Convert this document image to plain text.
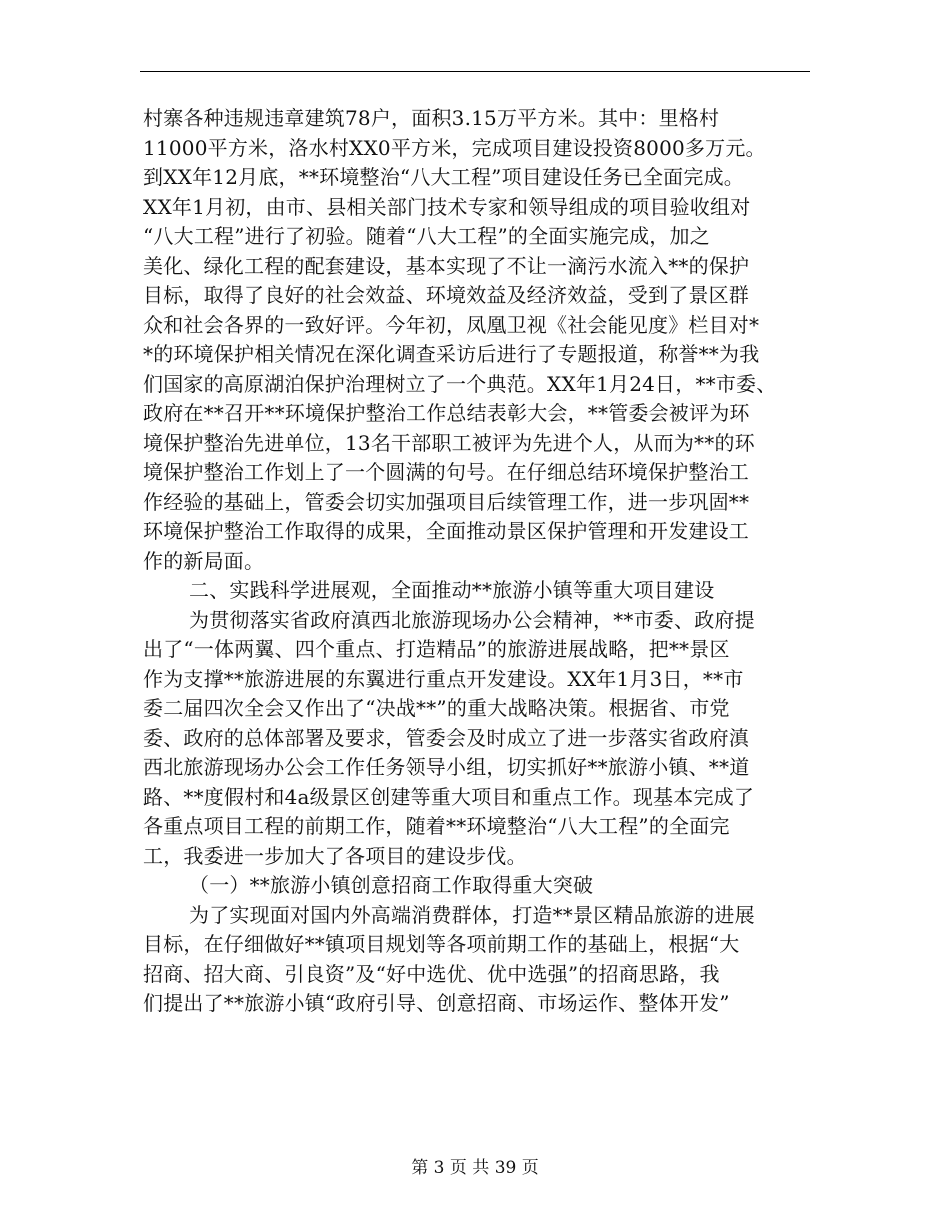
村寨各种违规违章建筑78户，面积3.15万平方米。其中：里格村
11000平方米，洛水村XX0平方米，完成项目建设投资8000多万元。
到XX年12月底，**环境整治“八大工程”项目建设任务已全面完成。
XX年1月初，由市、县相关部门技术专家和领导组成的项目验收组对
“八大工程”进行了初验。随着“八大工程”的全面实施完成，加之
美化、绿化工程的配套建设，基本实现了不让一滴污水流入**的保护
目标，取得了良好的社会效益、环境效益及经济效益，受到了景区群
众和社会各界的一致好评。今年初，凤凰卫视《社会能见度》栏目对*
*的环境保护相关情况在深化调查采访后进行了专题报道，称誉**为我
们国家的高原湖泊保护治理树立了一个典范。XX年1月24日，**市委、
政府在**召开**环境保护整治工作总结表彰大会，**管委会被评为环
境保护整治先进单位，13名干部职工被评为先进个人，从而为**的环
境保护整治工作划上了一个圆满的句号。在仔细总结环境保护整治工
作经验的基础上，管委会切实加强项目后续管理工作，进一步巩固**
环境保护整治工作取得的成果，全面推动景区保护管理和开发建设工
作的新局面。
二、实践科学进展观，全面推动**旅游小镇等重大项目建设
为贯彻落实省政府滇西北旅游现场办公会精神，**市委、政府提
出了“一体两翼、四个重点、打造精品”的旅游进展战略，把**景区
作为支撑**旅游进展的东翼进行重点开发建设。XX年1月3日，**市
委二届四次全会又作出了“决战**”的重大战略决策。根据省、市党
委、政府的总体部署及要求，管委会及时成立了进一步落实省政府滇
西北旅游现场办公会工作任务领导小组，切实抓好**旅游小镇、**道
路、**度假村和4a级景区创建等重大项目和重点工作。现基本完成了
各重点项目工程的前期工作，随着**环境整治“八大工程”的全面完
工，我委进一步加大了各项目的建设步伐。
（一）**旅游小镇创意招商工作取得重大突破
为了实现面对国内外高端消费群体，打造**景区精品旅游的进展
目标，在仔细做好**镇项目规划等各项前期工作的基础上，根据“大
招商、招大商、引良资”及“好中选优、优中选强”的招商思路，我
们提出了**旅游小镇“政府引导、创意招商、市场运作、整体开发”
第 3 页 共 39 页
